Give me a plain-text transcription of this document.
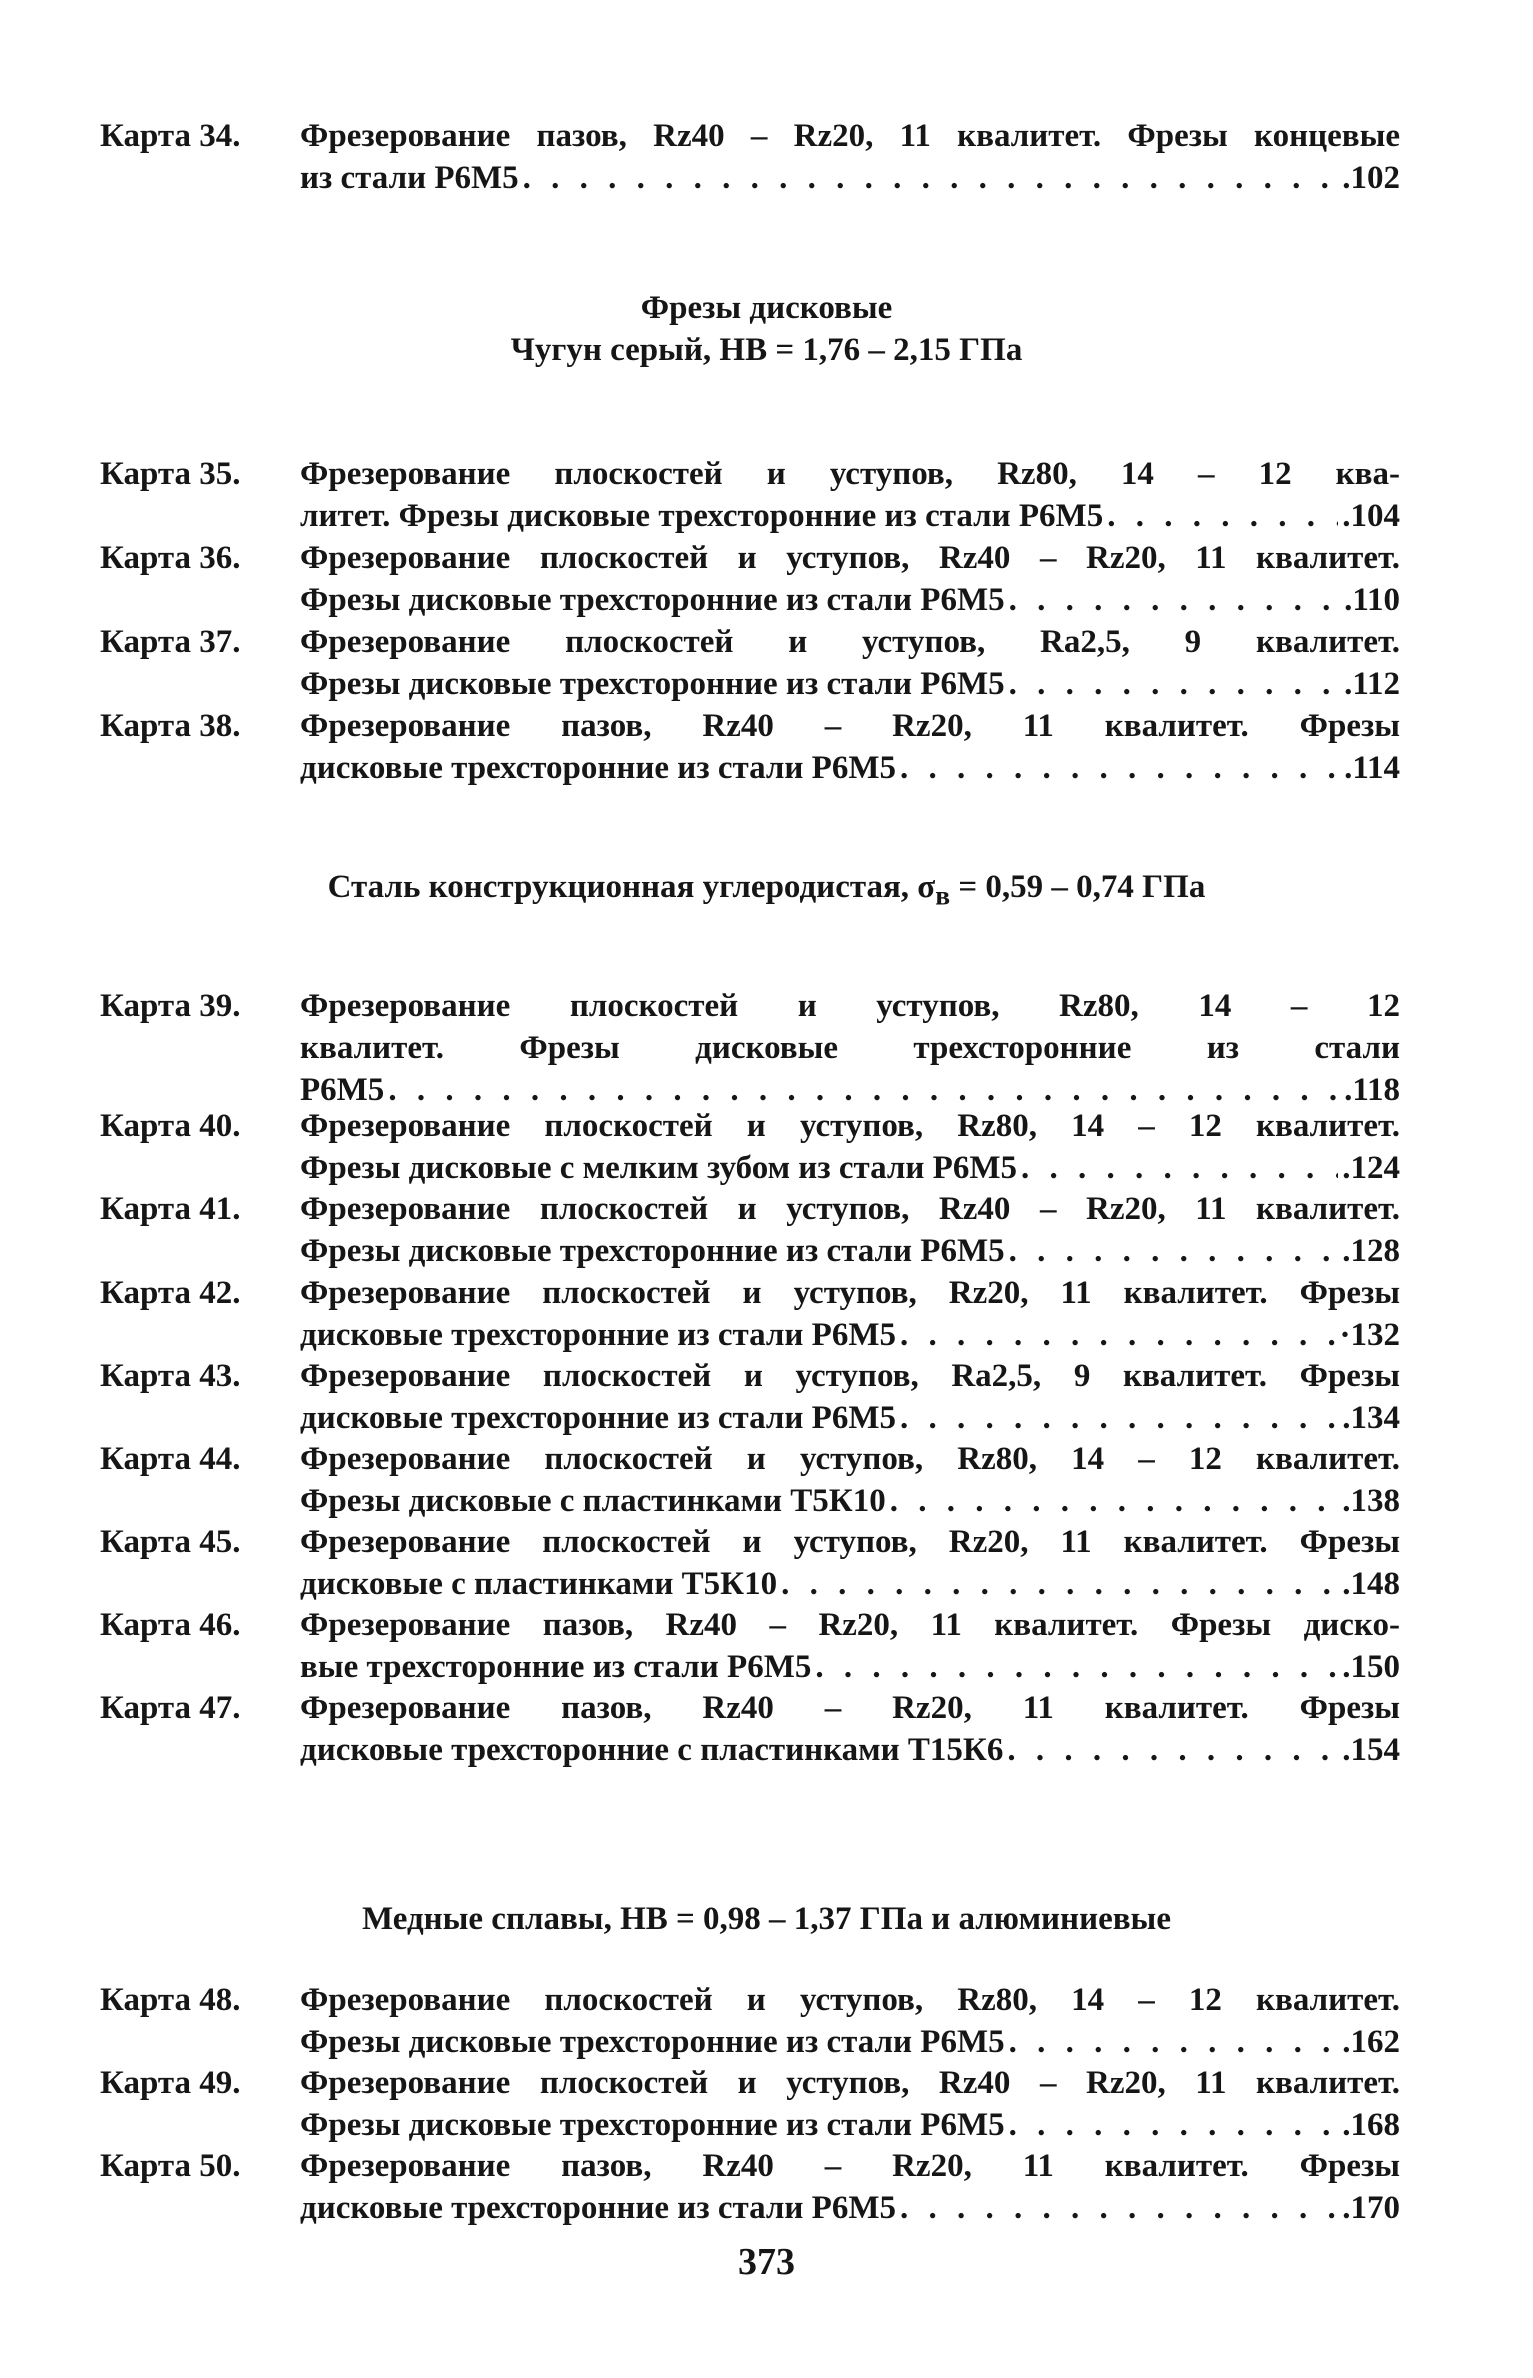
Карта 34. Фрезерование пазов, Rz40 – Rz20, 11 квалитет. Фрезы концевые
из стали Р6М5 . . .	.102
Фрезы дисковые
Чугун серый, НВ = 1,76 – 2,15 ГПа
Карта 35. Фрезерование плоскостей и уступов, Rz80, 14 – 12 ква-
литет. Фрезы дисковые трехсторонние из стали Р6М5 . . .	.104
Карта 36. Фрезерование плоскостей и уступов, Rz40 – Rz20, 11 квалитет.
Фрезы дисковые трехсторонние из стали Р6М5 . . .	.110
Карта 37. Фрезерование плоскостей и уступов, Ra2,5, 9 квалитет.
Фрезы дисковые трехсторонние из стали Р6М5 . . .	.112
Карта 38. Фрезерование пазов, Rz40 – Rz20, 11 квалитет. Фрезы
дисковые трехсторонние из стали Р6М5 . . .	.114
Сталь конструкционная углеродистая, $\sigma_в = 0,59 - 0,74$ ГПа
Карта 39. Фрезерование плоскостей и уступов, Rz80, 14 – 12
квалитет. Фрезы дисковые трехсторонние из стали
Р6М5 . . .	.118
Карта 40. Фрезерование плоскостей и уступов, Rz80, 14 – 12 квалитет.
Фрезы дисковые с мелким зубом из стали Р6М5 . . .	.124
Карта 41. Фрезерование плоскостей и уступов, Rz40 – Rz20, 11 квалитет.
Фрезы дисковые трехсторонние из стали Р6М5 . . .	.128
Карта 42. Фрезерование плоскостей и уступов, Rz20, 11 квалитет. Фрезы
дисковые трехсторонние из стали Р6М5 . . .	·132
Карта 43. Фрезерование плоскостей и уступов, Ra2,5, 9 квалитет. Фрезы
дисковые трехсторонние из стали Р6М5 . . .	.134
Карта 44. Фрезерование плоскостей и уступов, Rz80, 14 – 12 квалитет.
Фрезы дисковые с пластинками Т5К10 . . .	.138
Карта 45. Фрезерование плоскостей и уступов, Rz20, 11 квалитет. Фрезы
дисковые с пластинками Т5К10 . . .	.148
Карта 46. Фрезерование пазов, Rz40 – Rz20, 11 квалитет. Фрезы диско-
вые трехсторонние из стали Р6М5 . . .	.150
Карта 47. Фрезерование пазов, Rz40 – Rz20, 11 квалитет. Фрезы
дисковые трехсторонние с пластинками Т15К6 . . .	.154
Медные сплавы, НВ = 0,98 – 1,37 ГПа и алюминиевые
Карта 48. Фрезерование плоскостей и уступов, Rz80, 14 – 12 квалитет.
Фрезы дисковые трехсторонние из стали Р6М5 . . .	.162
Карта 49. Фрезерование плоскостей и уступов, Rz40 – Rz20, 11 квалитет.
Фрезы дисковые трехсторонние из стали Р6М5 . . .	.168
Карта 50. Фрезерование пазов, Rz40 – Rz20, 11 квалитет. Фрезы
дисковые трехсторонние из стали Р6М5 . . .	.170
373
